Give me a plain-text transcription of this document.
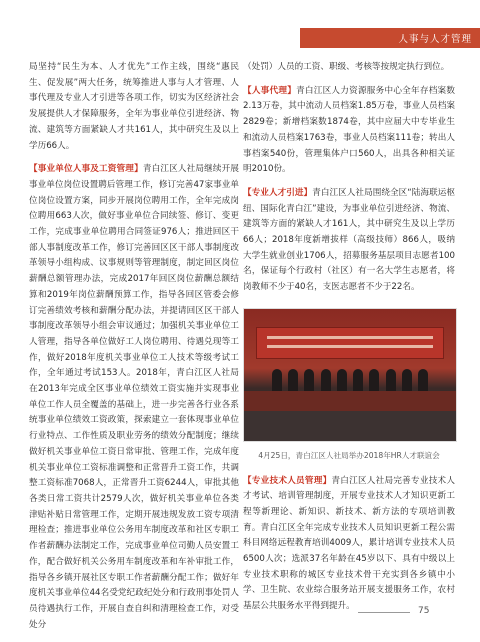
人事与人才管理

局坚持“民生为本、人才优先”工作主线，围绕“惠民生、促发展”两大任务，统筹推进人事与人才管理、人事代理及专业人才引进等各项工作，切实为区经济社会发展提供人才保障服务，全年为事业单位引进经济、物流、建筑等方面紧缺人才共161人，其中研究生及以上学历66人。

【事业单位人事及工资管理】青白江区人社局继续开展事业单位岗位设置聘后管理工作，修订完善47家事业单位岗位设置方案，同步开展岗位聘用工作，全年完成岗位聘用663人次，做好事业单位合同续签、修订、变更工作，完成事业单位聘用合同签证976人；推进回区干部人事制度改革工作，修订完善回区区干部人事制度改革领导小组构成、议事规则等管理制度，制定回区岗位薪酬总额管理办法，完成2017年回区岗位薪酬总额结算和2019年岗位薪酬预算工作，指导各回区管委会修订完善绩效考核和薪酬分配办法，并提请回区区干部人事制度改革领导小组会审议通过；加强机关事业单位工人管理，指导各单位做好工人岗位聘用、待遇兑现等工作，做好2018年度机关事业单位工人技术等级考试工作，全年通过考试153人。2018年，青白江区人社局在2013年完成全区事业单位绩效工资实施并实现事业单位工作人员全覆盖的基础上，进一步完善各行业各系统事业单位绩效工资政策，探索建立一套体现事业单位行业特点、工作性质及职业劳务的绩效分配制度；继续做好机关事业单位工资日常审批、管理工作，完成年度机关事业单位工资标准调整和正常晋升工资工作，共调整工资标准7068人，正常晋升工资6244人，审批其他各类日常工资共计2579人次，做好机关事业单位各类津贴补贴日常管理工作，定期开展违规发放工资专项清理检查；推进事业单位公务用车制度改革和社区专职工作者薪酬办法制定工作，完成事业单位司勤人员安置工作，配合做好机关公务用车制度改革和车补审批工作，指导各乡镇开展社区专职工作者薪酬分配工作；做好年度机关事业单位44名受党纪政纪处分和行政刑事处罚人员待遇执行工作，开展自查自纠和清理检查工作，对受处分

（处罚）人员的工资、职级、考核等按规定执行到位。

【人事代理】青白江区人力资源服务中心全年存档案数2.13万卷，其中流动人员档案1.85万卷，事业人员档案2829卷；新增档案数1874卷，其中应届大中专毕业生和流动人员档案1763卷，事业人员档案111卷；转出人事档案540份，管理集体户口560人，出具各种相关证明2010份。

【专业人才引进】青白江区人社局围绕全区“陆海联运枢纽、国际化青白江”建设，为事业单位引进经济、物流、建筑等方面的紧缺人才161人，其中研究生及以上学历66人；2018年度新增拔样（高级技师）866人，吸纳大学生就业创业1706人，招募服务基层项目志愿者100名，保证每个行政村（社区）有一名大学生志愿者，将岗教师不少于40名，支医志愿者不少于22名。

4月25日，青白江区人社局举办2018年HR人才联谊会

【专业技术人员管理】青白江区人社局完善专业技术人才考试、培训管理制度，开展专业技术人才知识更新工程等新理论、新知识、新技术、新方法的专项培训教育。青白江区全年完成专业技术人员知识更新工程公需科目网络远程教育培训4009人，累计培训专业技术人员6500人次；选派37名年龄在45岁以下、具有中级以上专业技术职称的城区专业技术骨干充实到各乡镇中小学、卫生院、农业综合服务站开展支援服务工作，农村基层公共服务水平得到提升。	75
